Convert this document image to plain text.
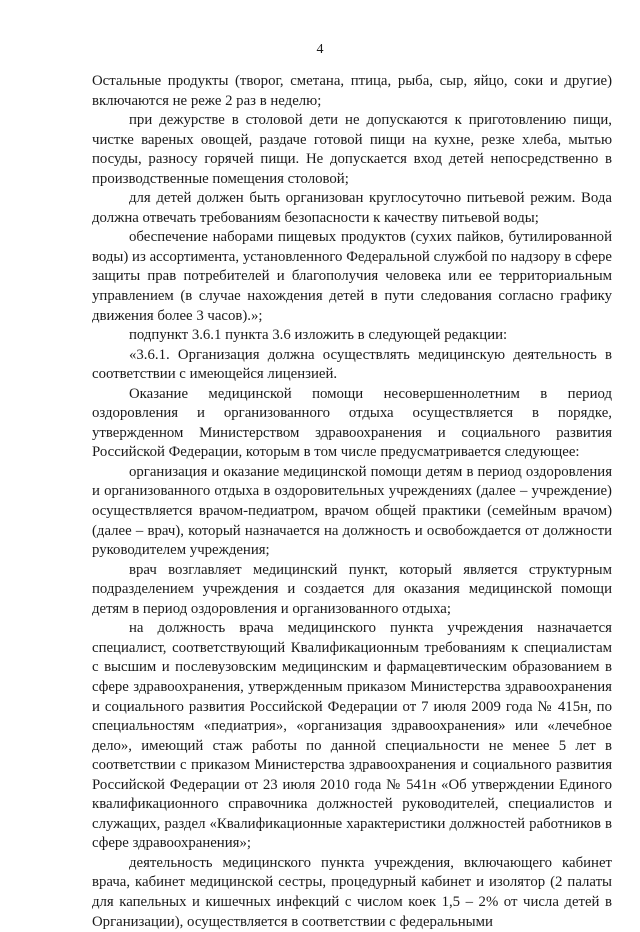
4

Остальные продукты (творог, сметана, птица, рыба, сыр, яйцо, соки и другие) включаются не реже 2 раз в неделю;

при дежурстве в столовой дети не допускаются к приготовлению пищи, чистке вареных овощей, раздаче готовой пищи на кухне, резке хлеба, мытью посуды, разносу горячей пищи. Не допускается вход детей непосредственно в производственные помещения столовой;

для детей должен быть организован круглосуточно питьевой режим. Вода должна отвечать требованиям безопасности к качеству питьевой воды;

обеспечение наборами пищевых продуктов (сухих пайков, бутилированной воды) из ассортимента, установленного Федеральной службой по надзору в сфере защиты прав потребителей и благополучия человека или ее территориальным управлением (в случае нахождения детей в пути следования согласно графику движения более 3 часов).»;

подпункт 3.6.1 пункта 3.6 изложить в следующей редакции:

«3.6.1. Организация должна осуществлять медицинскую деятельность в соответствии с имеющейся лицензией.

Оказание медицинской помощи несовершеннолетним в период оздоровления и организованного отдыха осуществляется в порядке, утвержденном Министерством здравоохранения и социального развития Российской Федерации, которым в том числе предусматривается следующее:

организация и оказание медицинской помощи детям в период оздоровления и организованного отдыха в оздоровительных учреждениях (далее – учреждение) осуществляется врачом-педиатром, врачом общей практики (семейным врачом) (далее – врач), который назначается на должность и освобождается от должности руководителем учреждения;

врач возглавляет медицинский пункт, который является структурным подразделением учреждения и создается для оказания медицинской помощи детям в период оздоровления и организованного отдыха;

на должность врача медицинского пункта учреждения назначается специалист, соответствующий Квалификационным требованиям к специалистам с высшим и послевузовским медицинским и фармацевтическим образованием в сфере здравоохранения, утвержденным приказом Министерства здравоохранения и социального развития Российской Федерации от 7 июля 2009 года № 415н, по специальностям «педиатрия», «организация здравоохранения» или «лечебное дело», имеющий стаж работы по данной специальности не менее 5 лет в соответствии с приказом Министерства здравоохранения и социального развития Российской Федерации от 23 июля 2010 года № 541н «Об утверждении Единого квалификационного справочника должностей руководителей, специалистов и служащих, раздел «Квалификационные характеристики должностей работников в сфере здравоохранения»;

деятельность медицинского пункта учреждения, включающего кабинет врача, кабинет медицинской сестры, процедурный кабинет и изолятор (2 палаты для капельных и кишечных инфекций с числом коек 1,5 – 2% от числа детей в Организации), осуществляется в соответствии с федеральными
